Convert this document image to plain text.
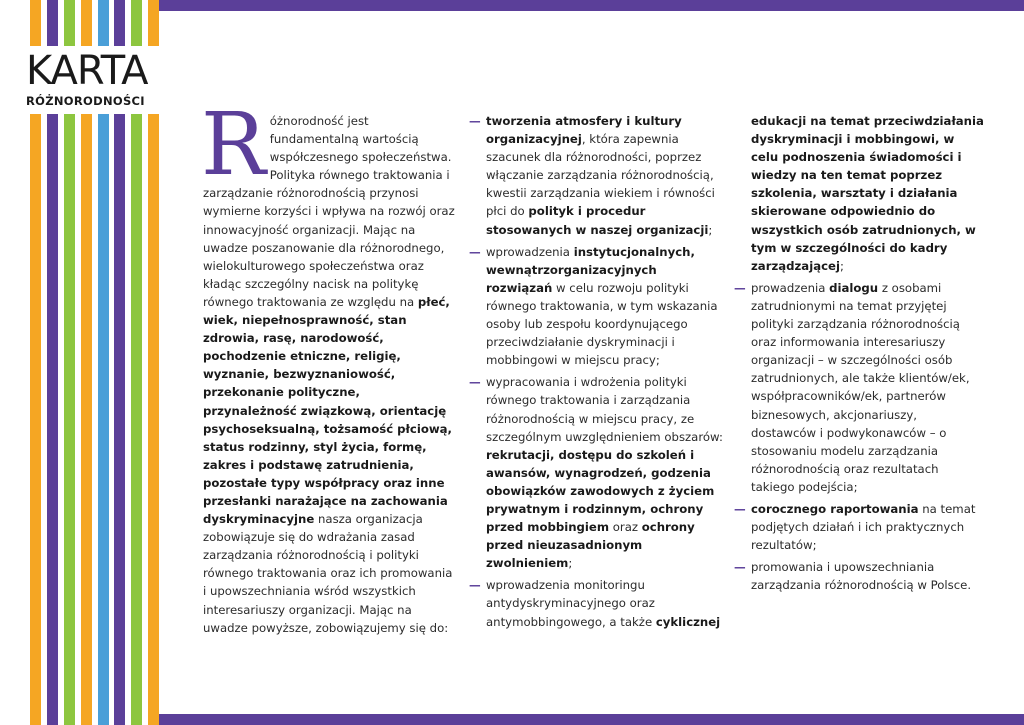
KARTA
RÓŻNORODNOŚCI R óżnorodność jest fundamentalną wartością współczesnego społeczeństwa. Polityka równego traktowania i zarządzanie różnorodnością przynosi wymierne korzyści i wpływa na rozwój oraz innowacyjność organizacji. Mając na uwadze poszanowanie dla różnorodnego, wielokulturowego społeczeństwa oraz kładąc szczególny nacisk na politykę równego traktowania ze względu na płeć, wiek, niepełnosprawność, stan zdrowia, rasę, narodowość, pochodzenie etniczne, religię, wyznanie, bezwyznaniowość, przekonanie polityczne, przynależność związkową, orientację psychoseksualną, tożsamość płciową, status rodzinny, styl życia, formę, zakres i podstawę zatrudnienia, pozostałe typy współpracy oraz inne przesłanki narażające na zachowania dyskryminacyjne nasza organizacja zobowiązuje się do wdrażania zasad zarządzania różnorodnością i polityki równego traktowania oraz ich promowania i upowszechniania wśród wszystkich interesariuszy organizacji. Mając na uwadze powyższe, zobowiązujemy się do:
— tworzenia atmosfery i kultury organizacyjnej, która zapewnia szacunek dla różnorodności, poprzez włączanie zarządzania różnorodnością, kwestii zarządzania wiekiem i równości płci do polityk i procedur stosowanych w naszej organizacji;
— wprowadzenia instytucjonalnych, wewnątrzorganizacyjnych rozwiązań w celu rozwoju polityki równego traktowania, w tym wskazania osoby lub zespołu koordynującego przeciwdziałanie dyskryminacji i mobbingowi w miejscu pracy;
— wypracowania i wdrożenia polityki równego traktowania i zarządzania różnorodnością w miejscu pracy, ze szczególnym uwzględnieniem obszarów: rekrutacji, dostępu do szkoleń i awansów, wynagrodzeń, godzenia obowiązków zawodowych z życiem prywatnym i rodzinnym, ochrony przed mobbingiem oraz ochrony przed nieuzasadnionym zwolnieniem;
— wprowadzenia monitoringu antydyskryminacyjnego oraz antymobbingowego, a także cyklicznej
edukacji na temat przeciwdziałania dyskryminacji i mobbingowi, w celu podnoszenia świadomości i wiedzy na ten temat poprzez szkolenia, warsztaty i działania skierowane odpowiednio do wszystkich osób zatrudnionych, w tym w szczególności do kadry zarządzającej;
— prowadzenia dialogu z osobami zatrudnionymi na temat przyjętej polityki zarządzania różnorodnością oraz informowania interesariuszy organizacji – w szczególności osób zatrudnionych, ale także klientów/ek, współpracowników/ek, partnerów biznesowych, akcjonariuszy, dostawców i podwykonawców – o stosowaniu modelu zarządzania różnorodnością oraz rezultatach takiego podejścia;
— corocznego raportowania na temat podjętych działań i ich praktycznych rezultatów;
— promowania i upowszechniania zarządzania różnorodnością w Polsce.
